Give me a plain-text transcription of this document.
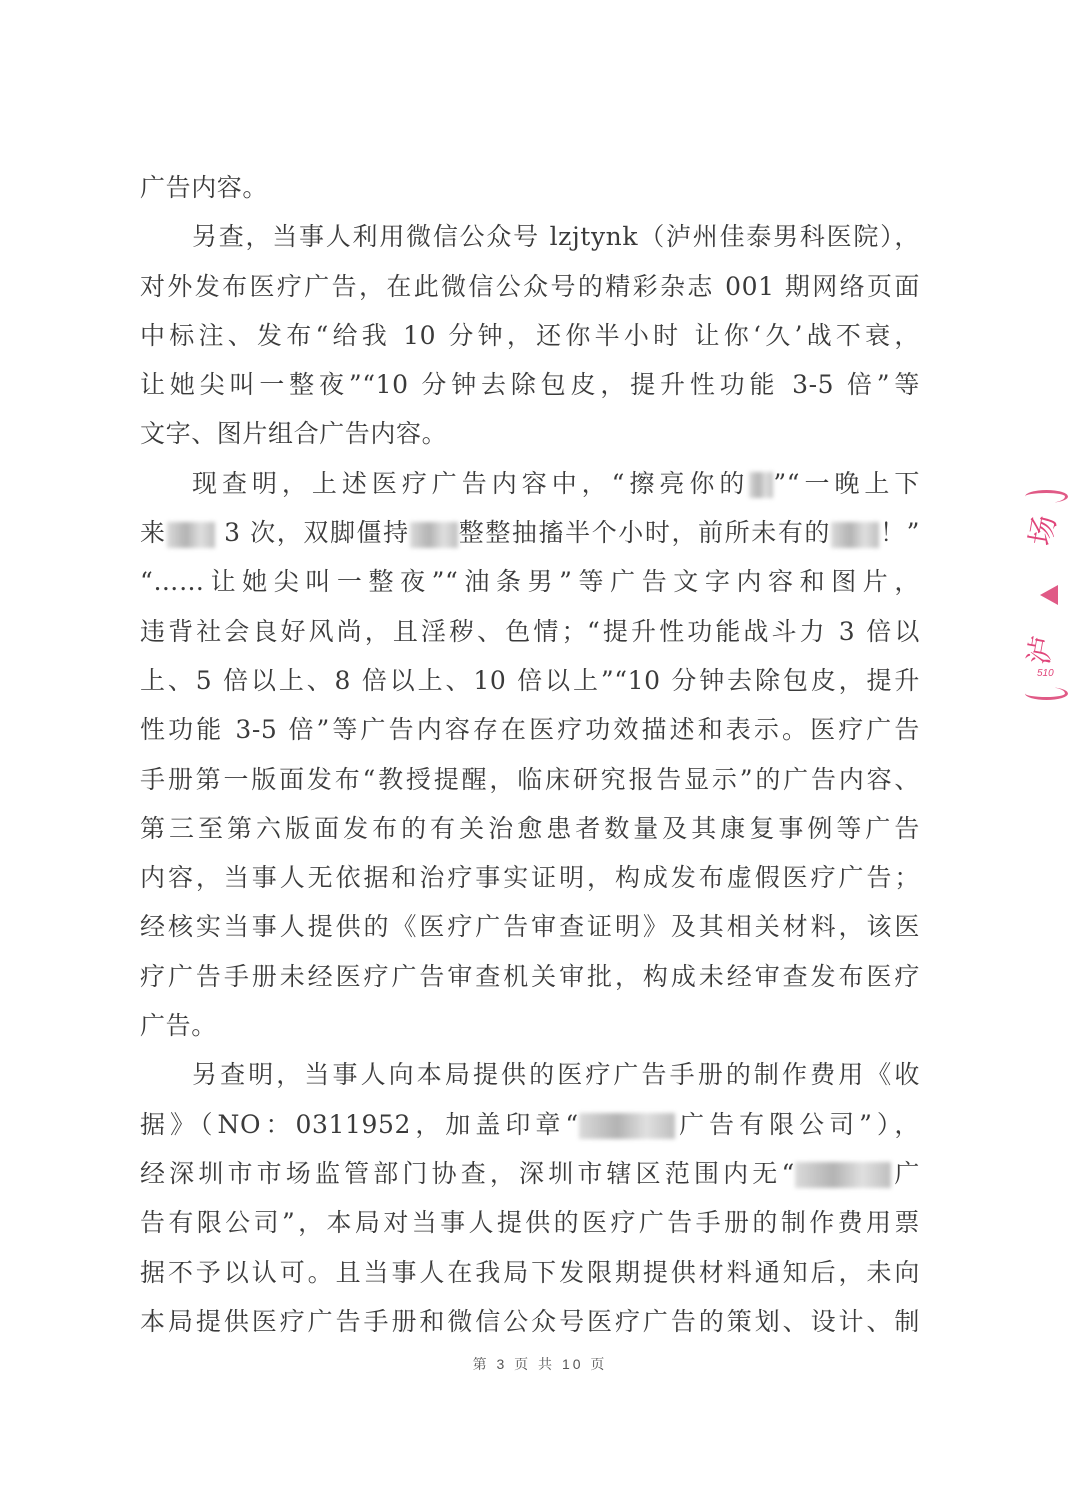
广告内容。
另查，当事人利用微信公众号 lzjtynk（泸州佳泰男科医院），
对外发布医疗广告，在此微信公众号的精彩杂志 001 期网络页面
中标注、发布“给我 10 分钟，还你半小时 让你‘久’战不衰，
让她尖叫一整夜”“10 分钟去除包皮，提升性功能 3-5 倍”等
文字、图片组合广告内容。
现查明，上述医疗广告内容中，“擦亮你的 ”“一晚上下
来 3 次，双脚僵持 整整抽搐半个小时，前所未有的 ！”
“……让她尖叫一整夜”“油条男”等广告文字内容和图片，
违背社会良好风尚，且淫秽、色情；“提升性功能战斗力 3 倍以
上、5 倍以上、8 倍以上、10 倍以上”“10 分钟去除包皮，提升
性功能 3-5 倍”等广告内容存在医疗功效描述和表示。医疗广告
手册第一版面发布“教授提醒，临床研究报告显示”的广告内容、
第三至第六版面发布的有关治愈患者数量及其康复事例等广告
内容，当事人无依据和治疗事实证明，构成发布虚假医疗广告；
经核实当事人提供的《医疗广告审查证明》及其相关材料，该医
疗广告手册未经医疗广告审查机关审批，构成未经审查发布医疗
广告。
另查明，当事人向本局提供的医疗广告手册的制作费用《收
据》（NO：0311952，加盖印章“	广告有限公司”），
经深圳市市场监管部门协查，深圳市辖区范围内无“	广
告有限公司”，本局对当事人提供的医疗广告手册的制作费用票
据不予以认可。且当事人在我局下发限期提供材料通知后，未向
本局提供医疗广告手册和微信公众号医疗广告的策划、设计、制
场
泸
510
第 3 页 共 10 页
